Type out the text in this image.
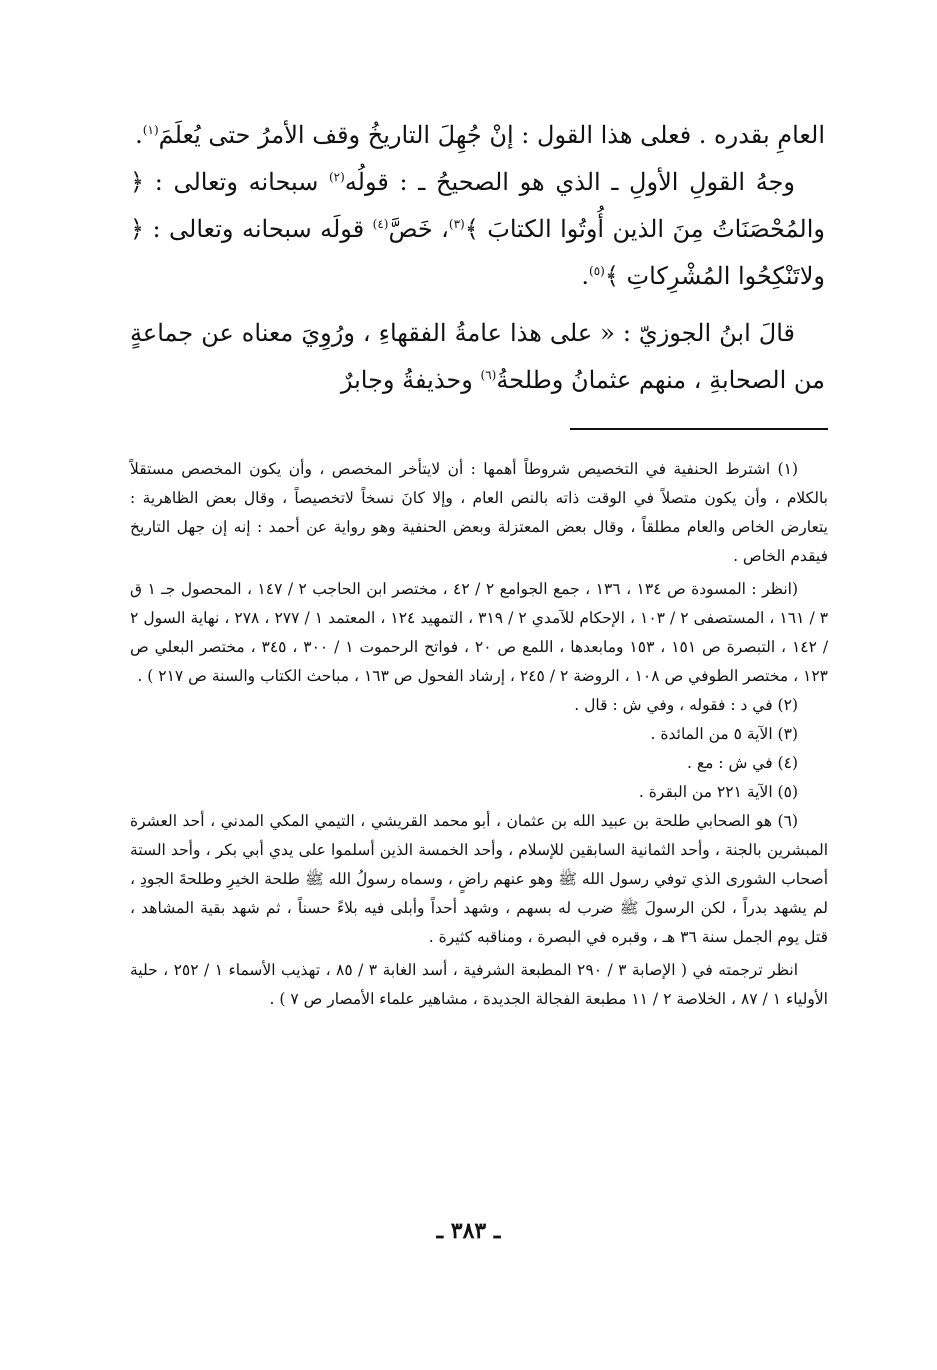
العامِ بقدره . فعلى هذا القول : إنْ جُهِلَ التاريخُ وقف الأمرُ حتى يُعلَمَ$^{(١)}$.

وجهُ القولِ الأولِ ـ الذي هو الصحيحُ ـ : قولُه$^{(٢)}$ سبحانه وتعالى : ﴿ والمُحْصَنَاتُ مِنَ الذين أُوتُوا الكتابَ ﴾$^{(٣)}$، خَصَّ$^{(٤)}$ قولَه سبحانه وتعالى : ﴿ ولاتَنْكِحُوا المُشْرِكاتِ ﴾$^{(٥)}$.

قالَ ابنُ الجوزيّ : « على هذا عامةُ الفقهاءِ ، ورُوِيَ معناه عن جماعةٍ من الصحابةِ ، منهم عثمانُ وطلحةُ$^{(٦)}$ وحذيفةُ وجابرٌ

(١) اشترط الحنفية في التخصيص شروطاً أهمها : أن لايتأخر المخصص ، وأن يكون المخصص مستقلاً بالكلام ، وأن يكون متصلاً في الوقت ذاته بالنص العام ، وإلا كانَ نسخاً لاتخصيصاً ، وقال بعض الظاهرية : يتعارض الخاص والعام مطلقاً ، وقال بعض المعتزلة وبعض الحنفية وهو رواية عن أحمد : إنه إن جهل التاريخ فيقدم الخاص .

(انظر : المسودة ص ١٣٤ ، ١٣٦ ، جمع الجوامع ٢ / ٤٢ ، مختصر ابن الحاجب ٢ / ١٤٧ ، المحصول جـ ١ ق ٣ / ١٦١ ، المستصفى ٢ / ١٠٣ ، الإحكام للآمدي ٢ / ٣١٩ ، التمهيد ١٢٤ ، المعتمد ١ / ٢٧٧ ، ٢٧٨ ، نهاية السول ٢ / ١٤٢ ، التبصرة ص ١٥١ ، ١٥٣ ومابعدها ، اللمع ص ٢٠ ، فواتح الرحموت ١ / ٣٠٠ ، ٣٤٥ ، مختصر البعلي ص ١٢٣ ، مختصر الطوفي ص ١٠٨ ، الروضة ٢ / ٢٤٥ ، إرشاد الفحول ص ١٦٣ ، مباحث الكتاب والسنة ص ٢١٧ ) .

(٢) في د : فقوله ، وفي ش : قال .

(٣) الآية ٥ من المائدة .

(٤) في ش : مع .

(٥) الآية ٢٢١ من البقرة .

(٦) هو الصحابي طلحة بن عبيد الله بن عثمان ، أبو محمد القريشي ، التيمي المكي المدني ، أحد العشرة المبشرين بالجنة ، وأحد الثمانية السابقين للإسلام ، وأحد الخمسة الذين أسلموا على يدي أبي بكر ، وأحد الستة أصحاب الشورى الذي توفي رسول الله ﷺ وهو عنهم راضٍ ، وسماه رسولُ الله ﷺ طلحة الخيرِ وطلحةَ الجودِ ، لم يشهد بدراً ، لكن الرسولَ ﷺ ضرب له بسهم ، وشهد أحداً وأبلى فيه بلاءً حسناً ، ثم شهد بقية المشاهد ، قتل يوم الجمل سنة ٣٦ هـ ، وقبره في البصرة ، ومناقبه كثيرة .

انظر ترجمته في ( الإصابة ٣ / ٢٩٠ المطبعة الشرفية ، أسد الغابة ٣ / ٨٥ ، تهذيب الأسماء ١ / ٢٥٢ ، حلية الأولياء ١ / ٨٧ ، الخلاصة ٢ / ١١ مطبعة الفجالة الجديدة ، مشاهير علماء الأمصار ص ٧ ) .

ـ ٣٨٣ ـ
